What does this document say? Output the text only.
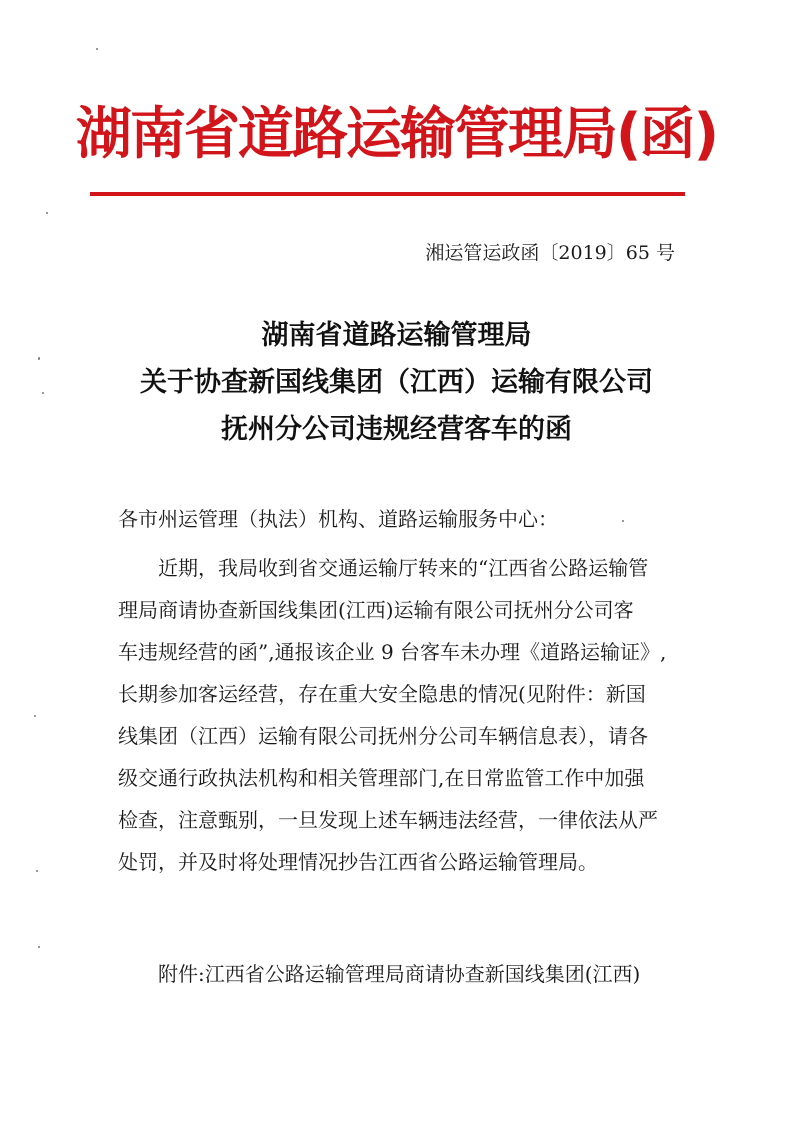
湖南省道路运输管理局(函)
湘运管运政函〔2019〕65 号
湖南省道路运输管理局
关于协查新国线集团（江西）运输有限公司
抚州分公司违规经营客车的函
各市州运管理（执法）机构、道路运输服务中心：
近期，我局收到省交通运输厅转来的“江西省公路运输管
理局商请协查新国线集团(江西)运输有限公司抚州分公司客
车违规经营的函”,通报该企业 9 台客车未办理《道路运输证》,
长期参加客运经营，存在重大安全隐患的情况(见附件：新国
线集团（江西）运输有限公司抚州分公司车辆信息表），请各
级交通行政执法机构和相关管理部门,在日常监管工作中加强
检查，注意甄别，一旦发现上述车辆违法经营，一律依法从严
处罚，并及时将处理情况抄告江西省公路运输管理局。
附件:江西省公路运输管理局商请协查新国线集团(江西)
